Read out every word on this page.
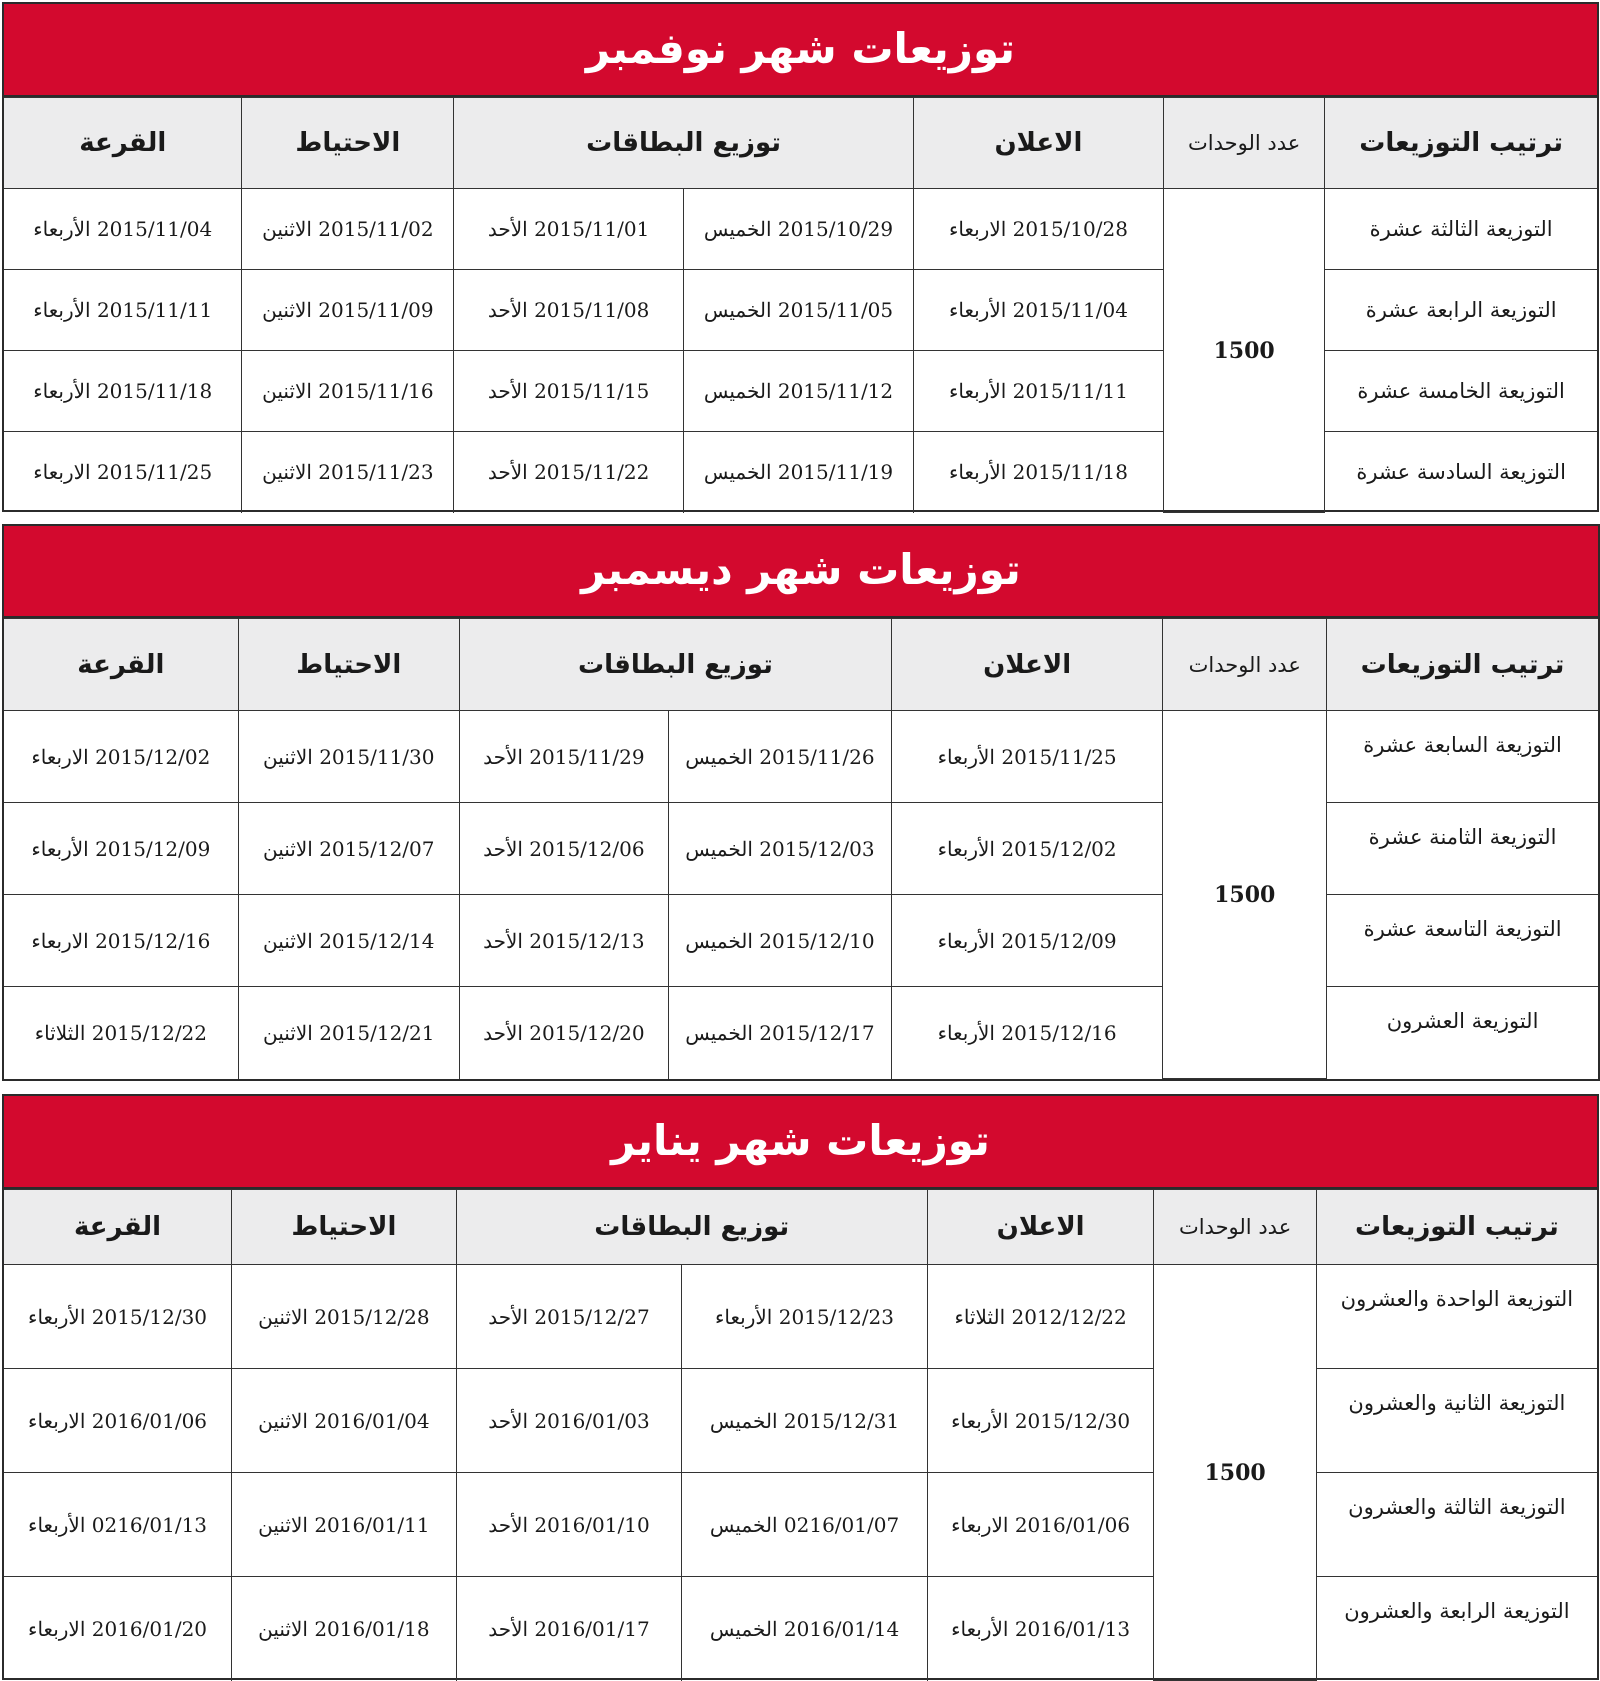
توزيعات شهر نوفمبر
ترتيب التوزيعات	عدد الوحدات	الاعلان	توزيع البطاقات		الاحتياط	القرعة
التوزيعة الثالثة عشرة	1500	2015/10/28 الاربعاء	2015/10/29 الخميس	2015/11/01 الأحد	2015/11/02 الاثنين	2015/11/04 الأربعاء
التوزيعة الرابعة عشرة		2015/11/04 الأربعاء	2015/11/05 الخميس	2015/11/08 الأحد	2015/11/09 الاثنين	2015/11/11 الأربعاء
التوزيعة الخامسة عشرة		2015/11/11 الأربعاء	2015/11/12 الخميس	2015/11/15 الأحد	2015/11/16 الاثنين	2015/11/18 الأربعاء
التوزيعة السادسة عشرة		2015/11/18 الأربعاء	2015/11/19 الخميس	2015/11/22 الأحد	2015/11/23 الاثنين	2015/11/25 الاربعاء
توزيعات شهر ديسمبر
ترتيب التوزيعات	عدد الوحدات	الاعلان	توزيع البطاقات		الاحتياط	القرعة
التوزيعة السابعة عشرة	1500	2015/11/25 الأربعاء	2015/11/26 الخميس	2015/11/29 الأحد	2015/11/30 الاثنين	2015/12/02 الاربعاء
التوزيعة الثامنة عشرة		2015/12/02 الأربعاء	2015/12/03 الخميس	2015/12/06 الأحد	2015/12/07 الاثنين	2015/12/09 الأربعاء
التوزيعة التاسعة عشرة		2015/12/09 الأربعاء	2015/12/10 الخميس	2015/12/13 الأحد	2015/12/14 الاثنين	2015/12/16 الاربعاء
التوزيعة العشرون		2015/12/16 الأربعاء	2015/12/17 الخميس	2015/12/20 الأحد	2015/12/21 الاثنين	2015/12/22 الثلاثاء
توزيعات شهر يناير
ترتيب التوزيعات	عدد الوحدات	الاعلان	توزيع البطاقات		الاحتياط	القرعة
التوزيعة الواحدة والعشرون	1500	2012/12/22 الثلاثاء	2015/12/23 الأربعاء	2015/12/27 الأحد	2015/12/28 الاثنين	2015/12/30 الأربعاء
التوزيعة الثانية والعشرون		2015/12/30 الأربعاء	2015/12/31 الخميس	2016/01/03 الأحد	2016/01/04 الاثنين	2016/01/06 الاربعاء
التوزيعة الثالثة والعشرون		2016/01/06 الاربعاء	0216/01/07 الخميس	2016/01/10 الأحد	2016/01/11 الاثنين	0216/01/13 الأربعاء
التوزيعة الرابعة والعشرون		2016/01/13 الأربعاء	2016/01/14 الخميس	2016/01/17 الأحد	2016/01/18 الاثنين	2016/01/20 الاربعاء
